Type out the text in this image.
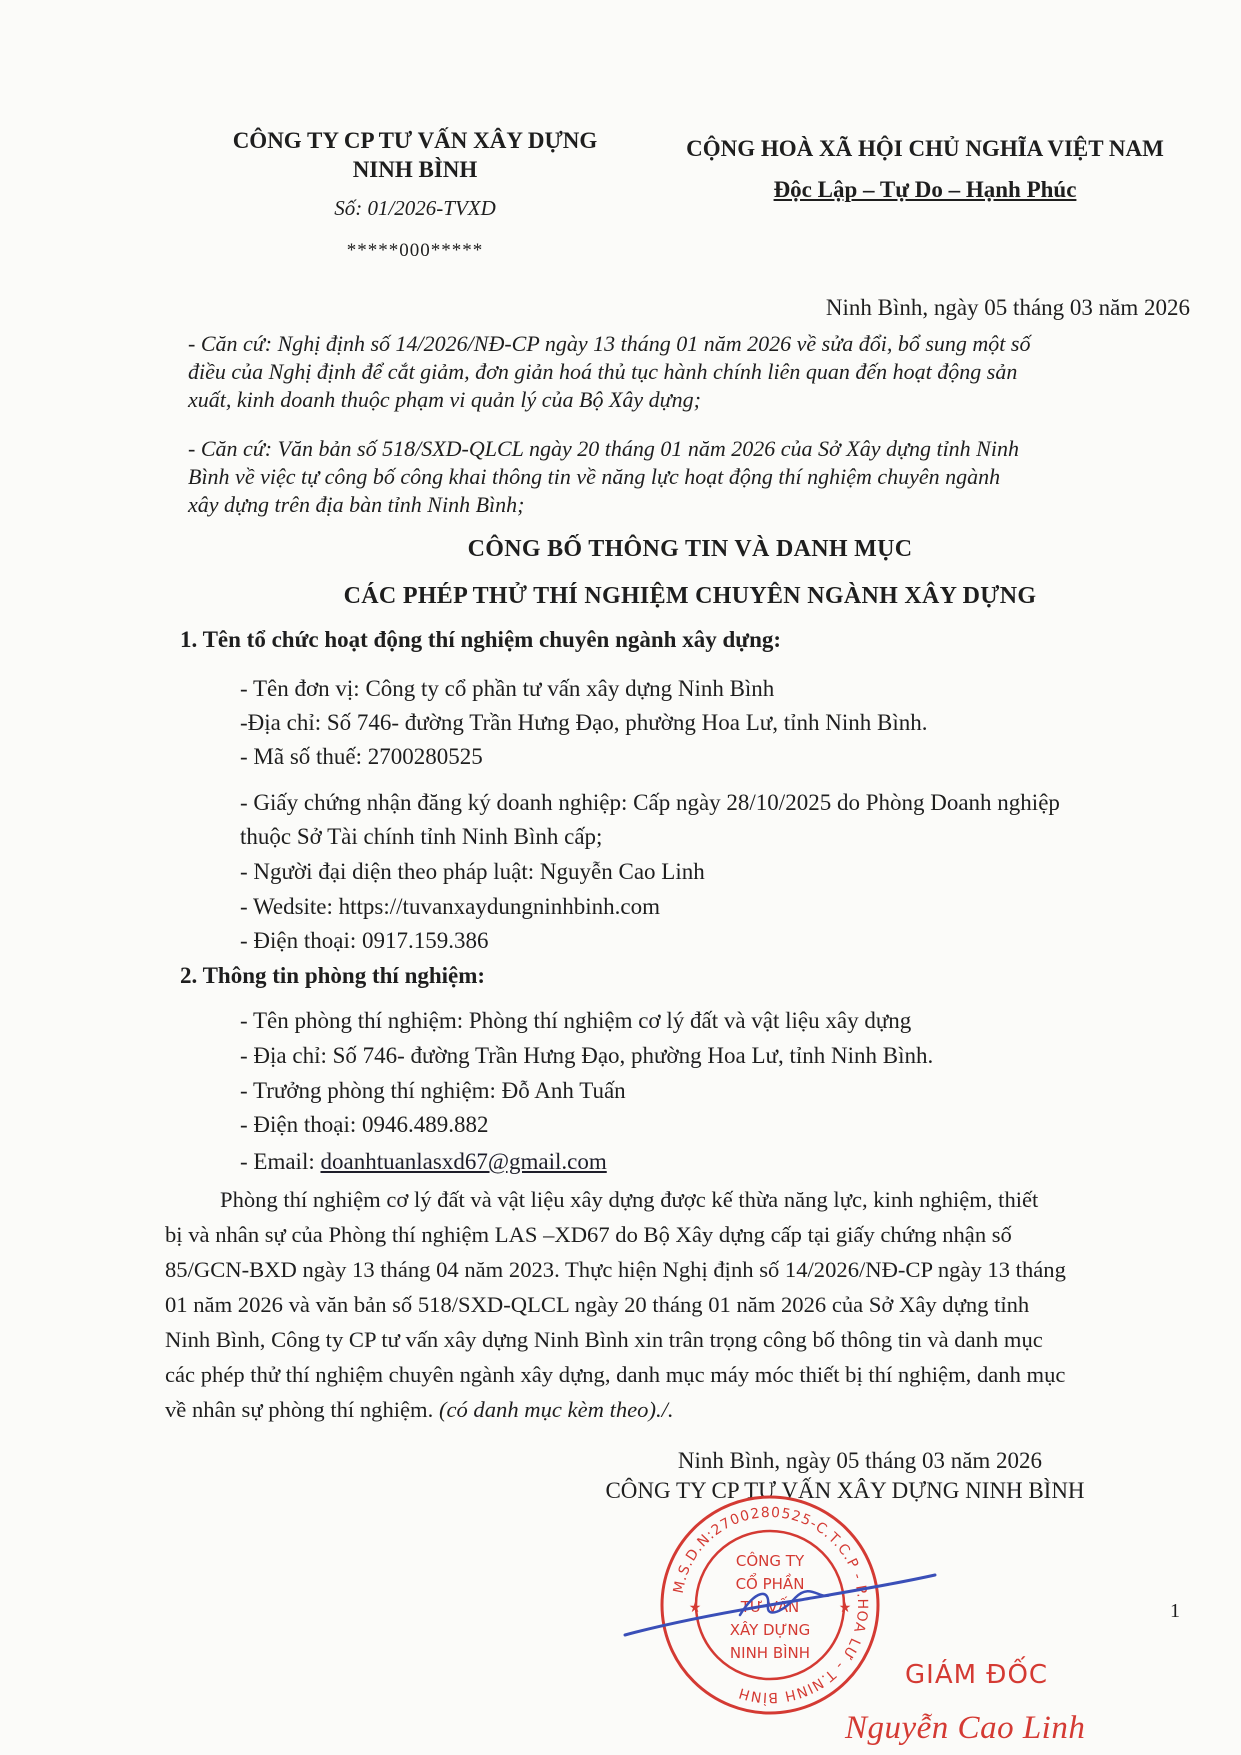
CÔNG TY CP TƯ VẤN XÂY DỰNG
NINH BÌNH
Số: 01/2026-TVXD
*****000*****
CỘNG HOÀ XÃ HỘI CHỦ NGHĨA VIỆT NAM
Độc Lập – Tự Do – Hạnh Phúc
Ninh Bình, ngày 05 tháng 03 năm 2026
- Căn cứ: Nghị định số 14/2026/NĐ-CP ngày 13 tháng 01 năm 2026 về sửa đổi, bổ sung một số
điều của Nghị định để cắt giảm, đơn giản hoá thủ tục hành chính liên quan đến hoạt động sản
xuất, kinh doanh thuộc phạm vi quản lý của Bộ Xây dựng;
- Căn cứ: Văn bản số 518/SXD-QLCL ngày 20 tháng 01 năm 2026 của Sở Xây dựng tỉnh Ninh
Bình về việc tự công bố công khai thông tin về năng lực hoạt động thí nghiệm chuyên ngành
xây dựng trên địa bàn tỉnh Ninh Bình;
CÔNG BỐ THÔNG TIN VÀ DANH MỤC
CÁC PHÉP THỬ THÍ NGHIỆM CHUYÊN NGÀNH XÂY DỰNG
1. Tên tổ chức hoạt động thí nghiệm chuyên ngành xây dựng:
- Tên đơn vị: Công ty cổ phần tư vấn xây dựng Ninh Bình
-Địa chỉ: Số 746- đường Trần Hưng Đạo, phường Hoa Lư, tỉnh Ninh Bình.
- Mã số thuế: 2700280525
- Giấy chứng nhận đăng ký doanh nghiệp: Cấp ngày 28/10/2025 do Phòng Doanh nghiệp
thuộc Sở Tài chính tỉnh Ninh Bình cấp;
- Người đại diện theo pháp luật: Nguyễn Cao Linh
- Wedsite: https://tuvanxaydungninhbinh.com
- Điện thoại: 0917.159.386
2. Thông tin phòng thí nghiệm:
- Tên phòng thí nghiệm: Phòng thí nghiệm cơ lý đất và vật liệu xây dựng
- Địa chỉ: Số 746- đường Trần Hưng Đạo, phường Hoa Lư, tỉnh Ninh Bình.
- Trưởng phòng thí nghiệm: Đỗ Anh Tuấn
- Điện thoại: 0946.489.882
- Email: doanhtuanlasxd67@gmail.com
Phòng thí nghiệm cơ lý đất và vật liệu xây dựng được kế thừa năng lực, kinh nghiệm, thiết
bị và nhân sự của Phòng thí nghiệm LAS –XD67 do Bộ Xây dựng cấp tại giấy chứng nhận số
85/GCN-BXD ngày 13 tháng 04 năm 2023. Thực hiện Nghị định số 14/2026/NĐ-CP ngày 13 tháng
01 năm 2026 và văn bản số 518/SXD-QLCL ngày 20 tháng 01 năm 2026 của Sở Xây dựng tỉnh
Ninh Bình, Công ty CP tư vấn xây dựng Ninh Bình xin trân trọng công bố thông tin và danh mục
các phép thử thí nghiệm chuyên ngành xây dựng, danh mục máy móc thiết bị thí nghiệm, danh mục
về nhân sự phòng thí nghiệm. (có danh mục kèm theo)./.
Ninh Bình, ngày 05 tháng 03 năm 2026
CÔNG TY CP TƯ VẤN XÂY DỰNG NINH BÌNH
M.S.D.N:2700280525-C.T.C.P - P.HOA LƯ - T.NINH BÌNH
CÔNG TY
CỔ PHẦN
TƯ VẤN
XÂY DỰNG
NINH BÌNH
★	★
GIÁM ĐỐC
Nguyễn Cao Linh
1
